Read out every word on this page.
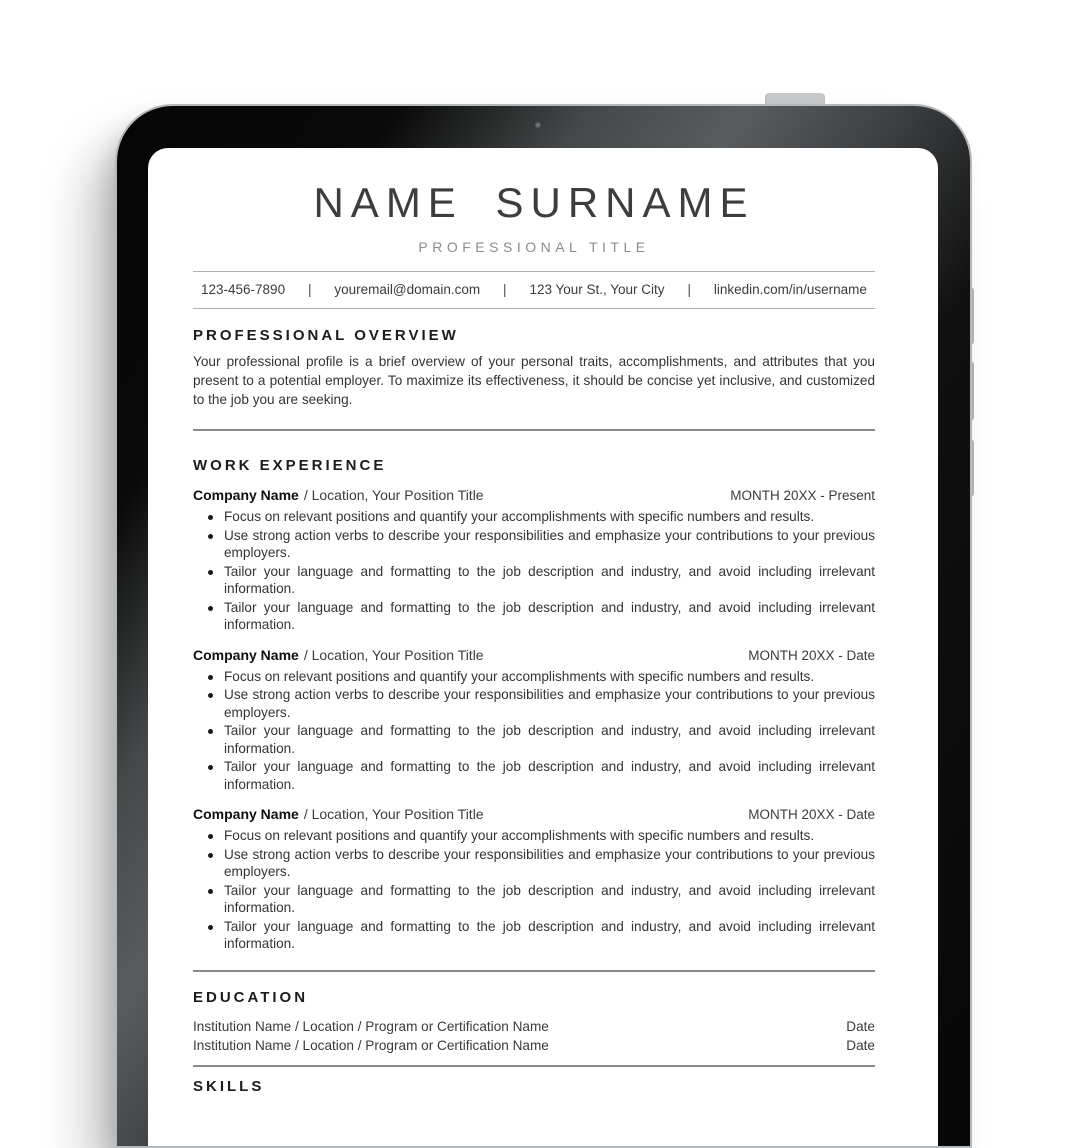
NAME SURNAME
PROFESSIONAL TITLE
123-456-7890 | youremail@domain.com | 123 Your St., Your City | linkedin.com/in/username
PROFESSIONAL OVERVIEW

Your professional profile is a brief overview of your personal traits, accomplishments, and attributes that you present to a potential employer. To maximize its effectiveness, it should be concise yet inclusive, and customized to the job you are seeking.

WORK EXPERIENCE
Company Name / Location, Your Position Title	MONTH 20XX - Present
Focus on relevant positions and quantify your accomplishments with specific numbers and results.
Use strong action verbs to describe your responsibilities and emphasize your contributions to your previous employers.
Tailor your language and formatting to the job description and industry, and avoid including irrelevant information.
Tailor your language and formatting to the job description and industry, and avoid including irrelevant information.
Company Name / Location, Your Position Title	MONTH 20XX - Date
Focus on relevant positions and quantify your accomplishments with specific numbers and results.
Use strong action verbs to describe your responsibilities and emphasize your contributions to your previous employers.
Tailor your language and formatting to the job description and industry, and avoid including irrelevant information.
Tailor your language and formatting to the job description and industry, and avoid including irrelevant information.
Company Name / Location, Your Position Title	MONTH 20XX - Date
Focus on relevant positions and quantify your accomplishments with specific numbers and results.
Use strong action verbs to describe your responsibilities and emphasize your contributions to your previous employers.
Tailor your language and formatting to the job description and industry, and avoid including irrelevant information.
Tailor your language and formatting to the job description and industry, and avoid including irrelevant information.
EDUCATION
Institution Name / Location / Program or Certification Name	Date
Institution Name / Location / Program or Certification Name	Date
SKILLS
